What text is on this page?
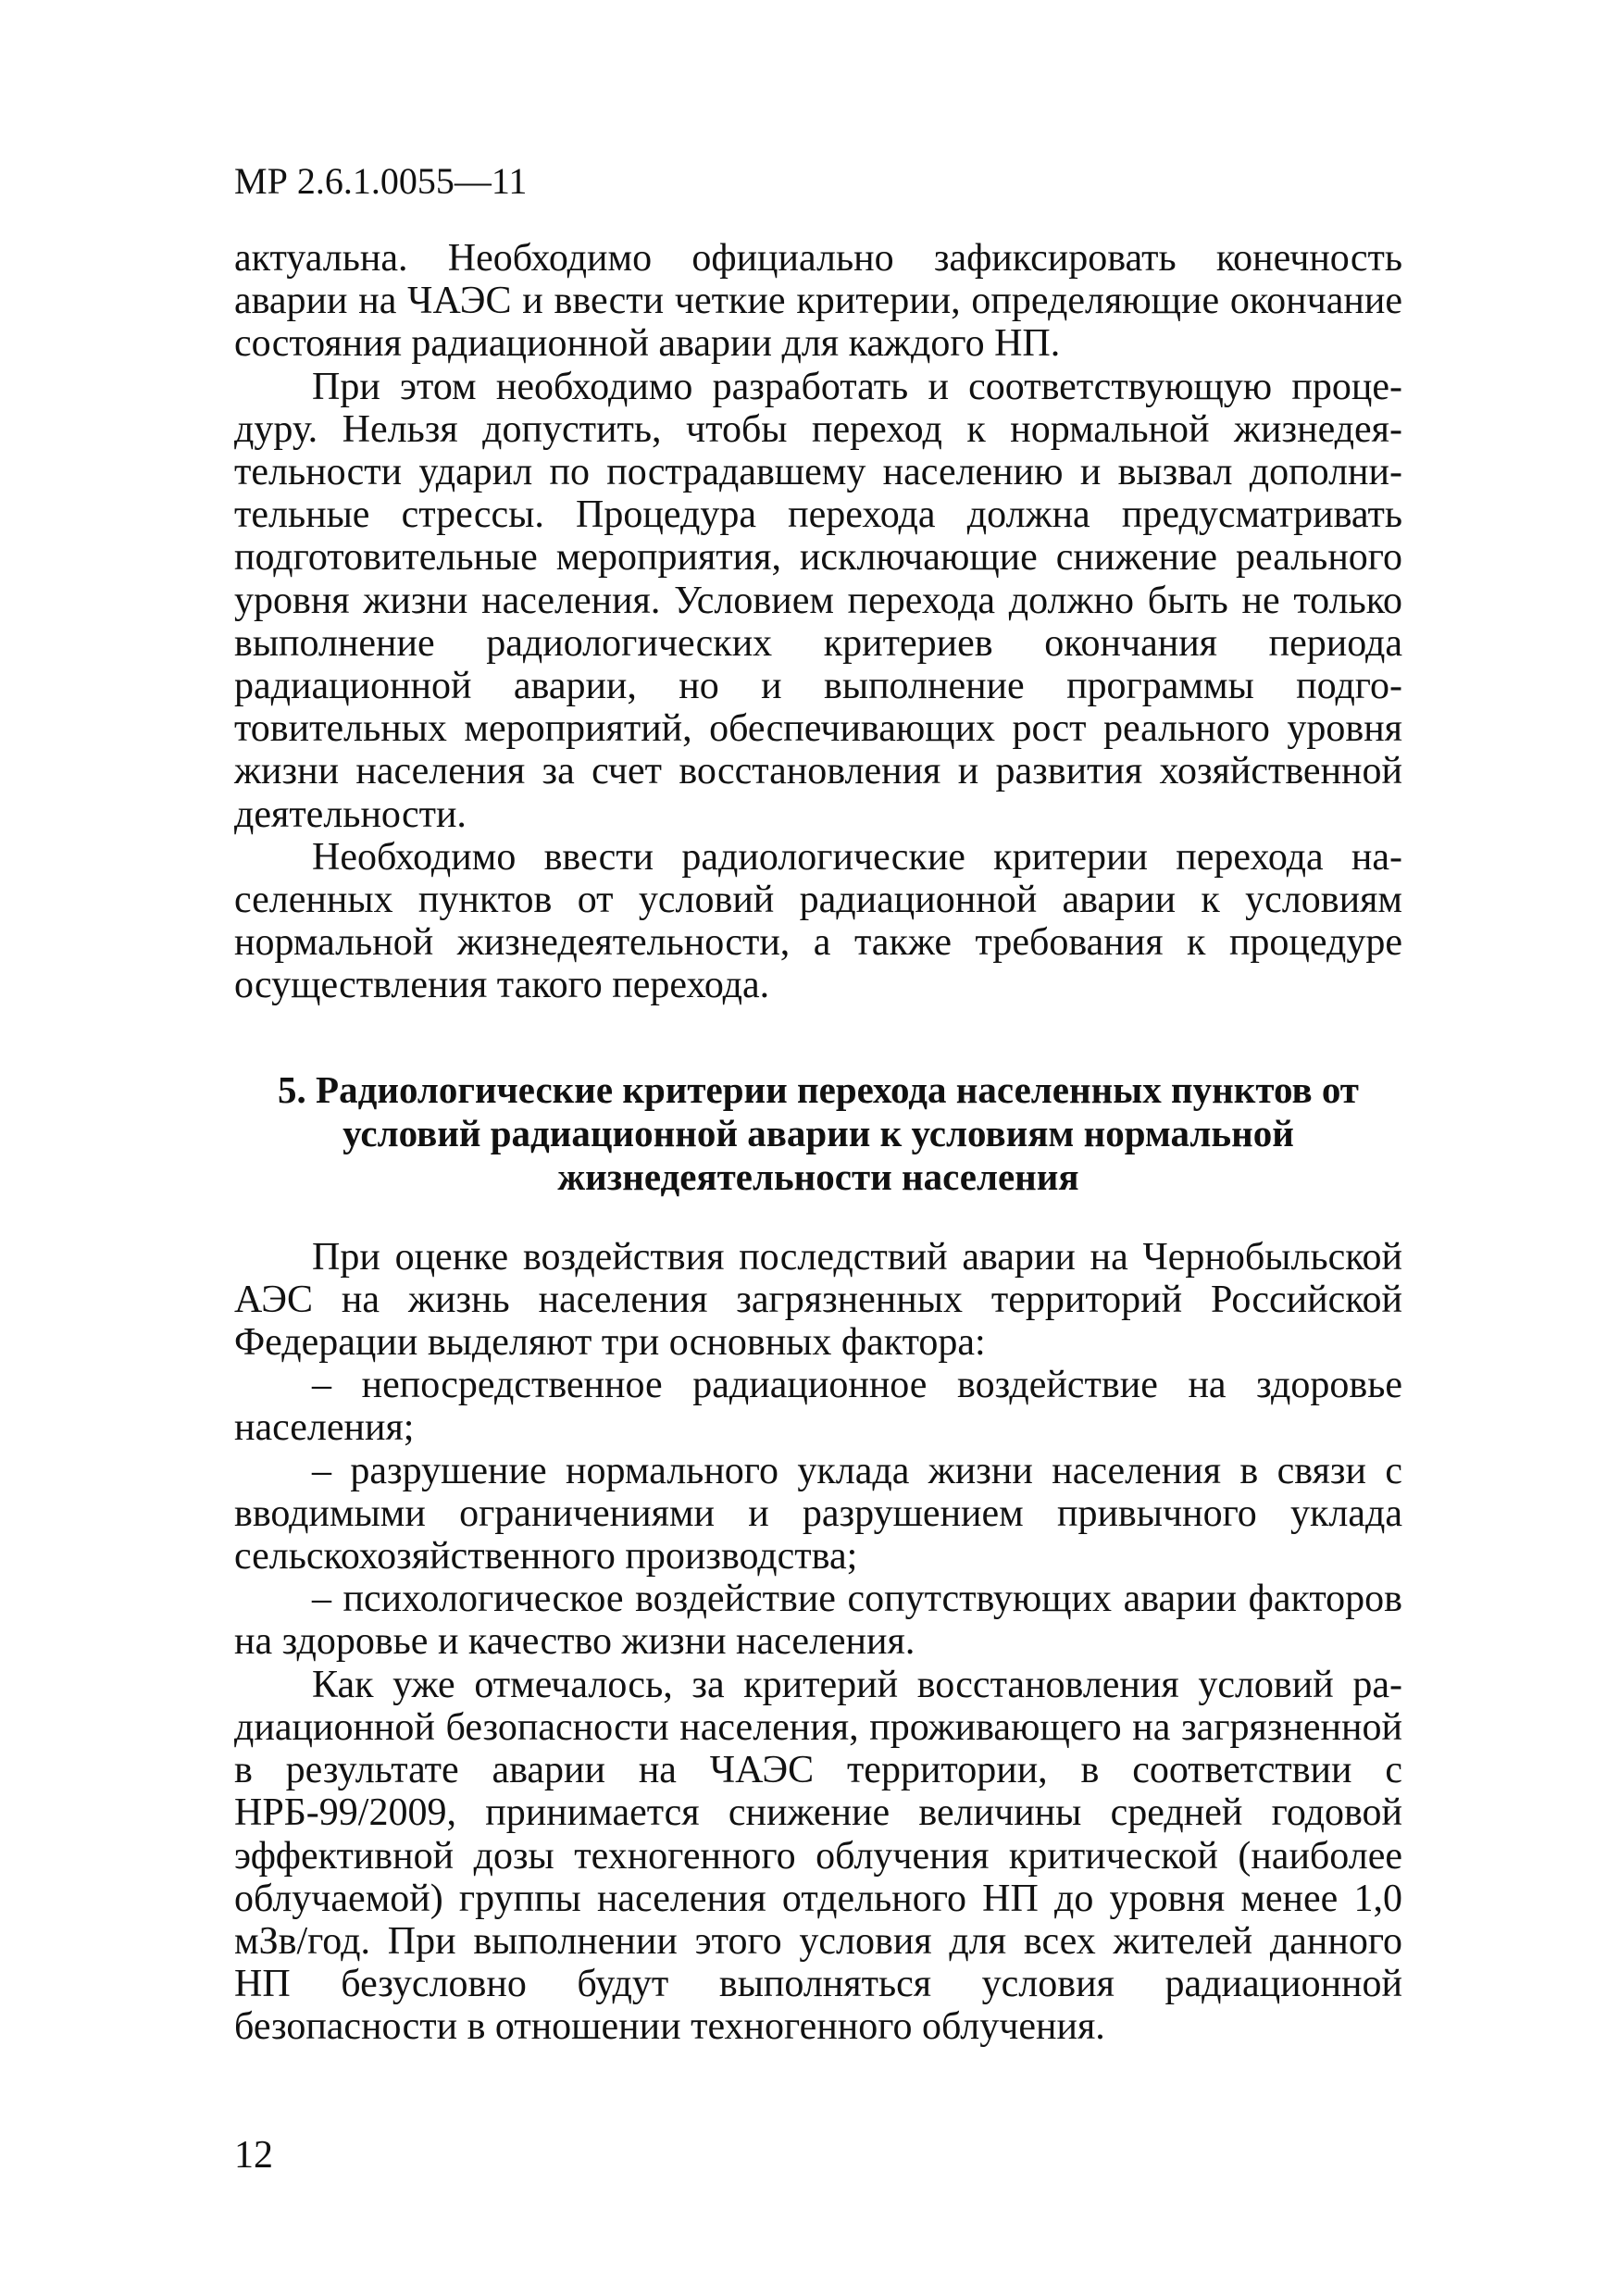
МР 2.6.1.0055—11

актуальна. Необходимо официально зафиксировать конечность аварии на ЧАЭС и ввести четкие критерии, определяющие окончание состояния радиационной аварии для каждого НП.

При этом необходимо разработать и соответствующую процедуру. Нельзя допустить, чтобы переход к нормальной жизнедеятельности ударил по пострадавшему населению и вызвал дополнительные стрессы. Процедура перехода должна предусматривать подготовительные мероприятия, исключающие снижение реального уровня жизни населения. Условием перехода должно быть не только выполнение радиологических критериев окончания периода радиационной аварии, но и выполнение программы подготовительных мероприятий, обеспечивающих рост реального уровня жизни населения за счет восстановления и развития хозяйственной деятельности.

Необходимо ввести радиологические критерии перехода населенных пунктов от условий радиационной аварии к условиям нормальной жизнедеятельности, а также требования к процедуре осуществления такого перехода.

5. Радиологические критерии перехода населенных пунктов от условий радиационной аварии к условиям нормальной жизнедеятельности населения

При оценке воздействия последствий аварии на Чернобыльской АЭС на жизнь населения загрязненных территорий Российской Федерации выделяют три основных фактора:

– непосредственное радиационное воздействие на здоровье населения;

– разрушение нормального уклада жизни населения в связи с вводимыми ограничениями и разрушением привычного уклада сельскохозяйственного производства;

– психологическое воздействие сопутствующих аварии факторов на здоровье и качество жизни населения.

Как уже отмечалось, за критерий восстановления условий радиационной безопасности населения, проживающего на загрязненной в результате аварии на ЧАЭС территории, в соответствии с НРБ-99/2009, принимается снижение величины средней годовой эффективной дозы техногенного облучения критической (наиболее облучаемой) группы населения отдельного НП до уровня менее 1,0 мЗв/год. При выполнении этого условия для всех жителей данного НП безусловно будут выполняться условия радиационной безопасности в отношении техногенного облучения.

12
